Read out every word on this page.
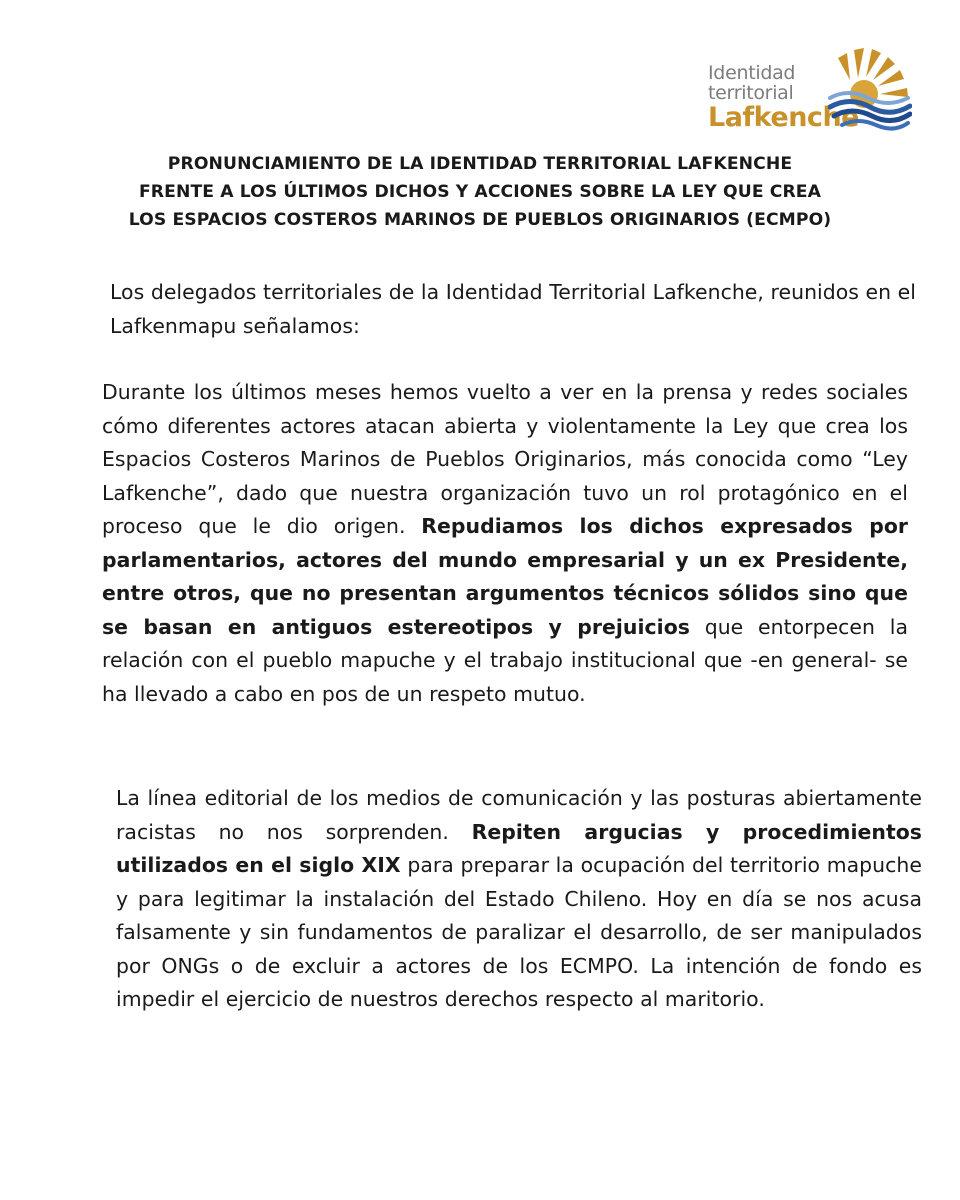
Identidad
territorial
Lafkenche
PRONUNCIAMIENTO DE LA IDENTIDAD TERRITORIAL LAFKENCHE
FRENTE A LOS ÚLTIMOS DICHOS Y ACCIONES SOBRE LA LEY QUE CREA
LOS ESPACIOS COSTEROS MARINOS DE PUEBLOS ORIGINARIOS (ECMPO)
Los delegados territoriales de la Identidad Territorial Lafkenche, reunidos en el Lafkenmapu señalamos:
Durante los últimos meses hemos vuelto a ver en la prensa y redes sociales cómo diferentes actores atacan abierta y violentamente la Ley que crea los Espacios Costeros Marinos de Pueblos Originarios, más conocida como “Ley Lafkenche”, dado que nuestra organización tuvo un rol protagónico en el proceso que le dio origen. Repudiamos los dichos expresados por parlamentarios, actores del mundo empresarial y un ex Presidente, entre otros, que no presentan argumentos técnicos sólidos sino que se basan en antiguos estereotipos y prejuicios que entorpecen la relación con el pueblo mapuche y el trabajo institucional que -en general- se ha llevado a cabo en pos de un respeto mutuo.
La línea editorial de los medios de comunicación y las posturas abiertamente racistas no nos sorprenden. Repiten argucias y procedimientos utilizados en el siglo XIX para preparar la ocupación del territorio mapuche y para legitimar la instalación del Estado Chileno. Hoy en día se nos acusa falsamente y sin fundamentos de paralizar el desarrollo, de ser manipulados por ONGs o de excluir a actores de los ECMPO. La intención de fondo es impedir el ejercicio de nuestros derechos respecto al maritorio.
